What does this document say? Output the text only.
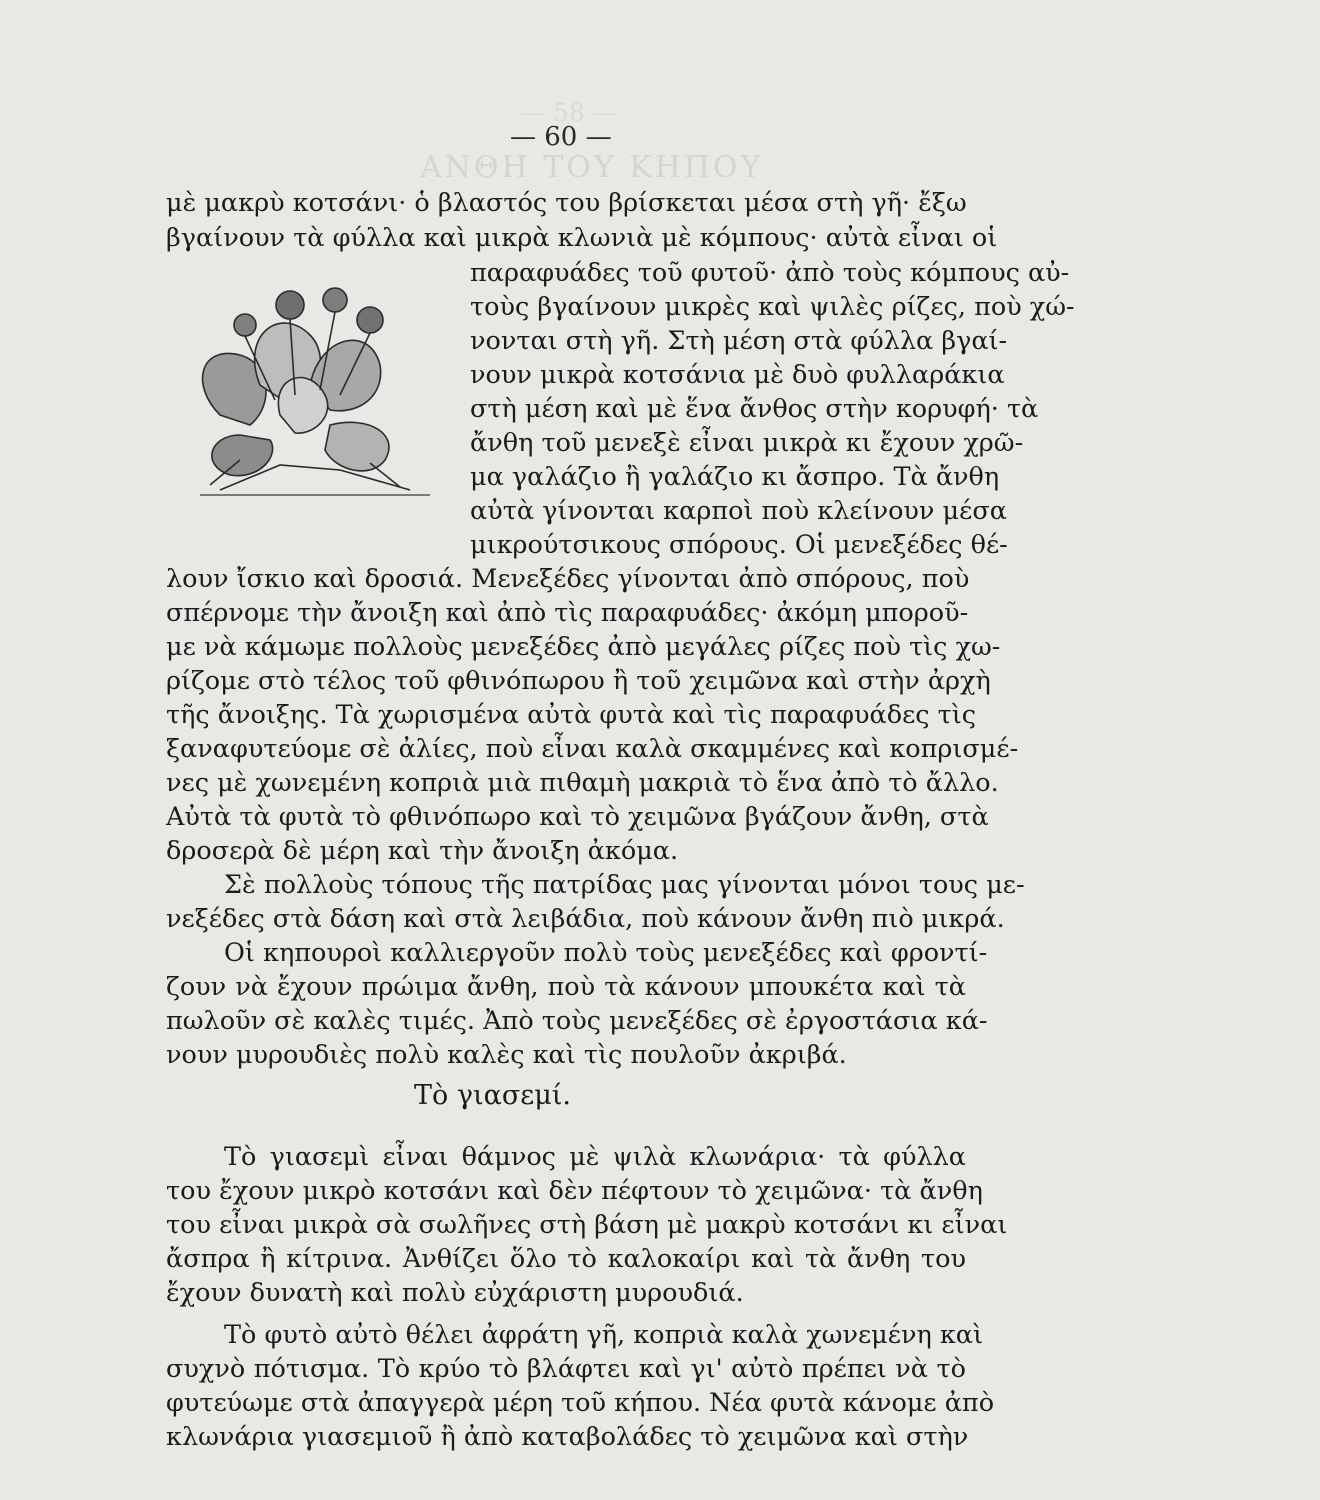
ΑΝΘΗ ΤΟΥ ΚΗΠΟΥ
— 58 —
— 60 —
μὲ μακρὺ κοτσάνι· ὁ βλαστός του βρίσκεται μέσα στὴ γῆ· ἔξω
βγαίνουν τὰ φύλλα καὶ μικρὰ κλωνιὰ μὲ κόμπους· αὐτὰ εἶναι οἱ
παραφυάδες τοῦ φυτοῦ· ἀπὸ τοὺς κόμπους αὐ-
τοὺς βγαίνουν μικρὲς καὶ ψιλὲς ρίζες, ποὺ χώ-
νονται στὴ γῆ. Στὴ μέση στὰ φύλλα βγαί-
νουν μικρὰ κοτσάνια μὲ δυὸ φυλλαράκια
στὴ μέση καὶ μὲ ἕνα ἄνθος στὴν κορυφή· τὰ
ἄνθη τοῦ μενεξὲ εἶναι μικρὰ κι ἔχουν χρῶ-
μα γαλάζιο ἢ γαλάζιο κι ἄσπρο. Τὰ ἄνθη
αὐτὰ γίνονται καρποὶ ποὺ κλείνουν μέσα
μικρούτσικους σπόρους. Οἱ μενεξέδες θέ-
λουν ἴσκιο καὶ δροσιά. Μενεξέδες γίνονται ἀπὸ σπόρους, ποὺ
σπέρνομε τὴν ἄνοιξη καὶ ἀπὸ τὶς παραφυάδες· ἀκόμη μποροῦ-
με νὰ κάμωμε πολλοὺς μενεξέδες ἀπὸ μεγάλες ρίζες ποὺ τὶς χω-
ρίζομε στὸ τέλος τοῦ φθινόπωρου ἢ τοῦ χειμῶνα καὶ στὴν ἀρχὴ
τῆς ἄνοιξης. Τὰ χωρισμένα αὐτὰ φυτὰ καὶ τὶς παραφυάδες τὶς
ξαναφυτεύομε σὲ ἀλίες, ποὺ εἶναι καλὰ σκαμμένες καὶ κοπρισμέ-
νες μὲ χωνεμένη κοπριὰ μιὰ πιθαμὴ μακριὰ τὸ ἕνα ἀπὸ τὸ ἄλλο.
Αὐτὰ τὰ φυτὰ τὸ φθινόπωρο καὶ τὸ χειμῶνα βγάζουν ἄνθη, στὰ
δροσερὰ δὲ μέρη καὶ τὴν ἄνοιξη ἀκόμα.
Σὲ πολλοὺς τόπους τῆς πατρίδας μας γίνονται μόνοι τους με-
νεξέδες στὰ δάση καὶ στὰ λειβάδια, ποὺ κάνουν ἄνθη πιὸ μικρά.
Οἱ κηπουροὶ καλλιεργοῦν πολὺ τοὺς μενεξέδες καὶ φροντί-
ζουν νὰ ἔχουν πρώιμα ἄνθη, ποὺ τὰ κάνουν μπουκέτα καὶ τὰ
πωλοῦν σὲ καλὲς τιμές. Ἀπὸ τοὺς μενεξέδες σὲ ἐργοστάσια κά-
νουν μυρουδιὲς πολὺ καλὲς καὶ τὶς πουλοῦν ἀκριβά.
Τὸ γιασεμί.
Τὸ γιασεμὶ εἶναι θάμνος μὲ ψιλὰ κλωνάρια· τὰ φύλλα
του ἔχουν μικρὸ κοτσάνι καὶ δὲν πέφτουν τὸ χειμῶνα· τὰ ἄνθη
του εἶναι μικρὰ σὰ σωλῆνες στὴ βάση μὲ μακρὺ κοτσάνι κι εἶναι
ἄσπρα ἢ κίτρινα. Ἀνθίζει ὅλο τὸ καλοκαίρι καὶ τὰ ἄνθη του
ἔχουν δυνατὴ καὶ πολὺ εὐχάριστη μυρουδιά.
Τὸ φυτὸ αὐτὸ θέλει ἀφράτη γῆ, κοπριὰ καλὰ χωνεμένη καὶ
συχνὸ πότισμα. Τὸ κρύο τὸ βλάφτει καὶ γι' αὐτὸ πρέπει νὰ τὸ
φυτεύωμε στὰ ἀπαγγερὰ μέρη τοῦ κήπου. Νέα φυτὰ κάνομε ἀπὸ
κλωνάρια γιασεμιοῦ ἢ ἀπὸ καταβολάδες τὸ χειμῶνα καὶ στὴν
